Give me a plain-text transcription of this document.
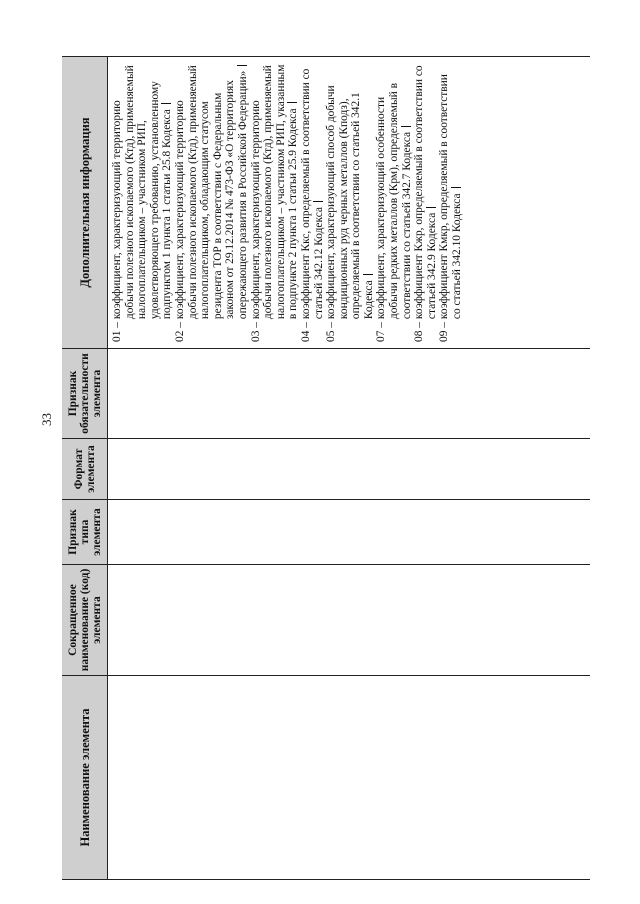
33
Наименование элемента
Сокращенное наименование (код) элемента
Признак типа элемента
Формат элемента
Признак обязательности элемента
Дополнительная информация
01 –
коэффициент, характеризующий территорию добычи полезного ископаемого (Ктд), применяемый налогоплательщиком – участником РИП, удовлетворяющего требованию, установленному подпунктом 1 пункта 1 статьи 25.8 Кодекса
02 –
коэффициент, характеризующий территорию добычи полезного ископаемого (Ктд), применяемый налогоплательщиком, обладающим статусом резидента ТОР в соответствии с Федеральным законом от 29.12.2014 № 473-ФЗ «О территориях опережающего развития в Российской Федерации»
03 –
коэффициент, характеризующий территорию добычи полезного ископаемого (Ктд), применяемый налогоплательщиком – участником РИП, указанным в подпункте 2 пункта 1 статьи 25.9 Кодекса
04 –
коэффициент Ккс, определяемый в соответствии со статьей 342.12 Кодекса
05 –
коэффициент, характеризующий способ добычи кондиционных руд черных металлов (Кподз), определяемый в соответствии со статьей 342.1 Кодекса
07 –
коэффициент, характеризующий особенности добычи редких металлов (Крм), определяемый в соответствии со статьей 342.7 Кодекса
08 –
коэффициент Кжр, определяемый в соответствии со статьей 342.9 Кодекса
09 –
коэффициент Кмкр, определяемый в соответствии со статьей 342.10 Кодекса
